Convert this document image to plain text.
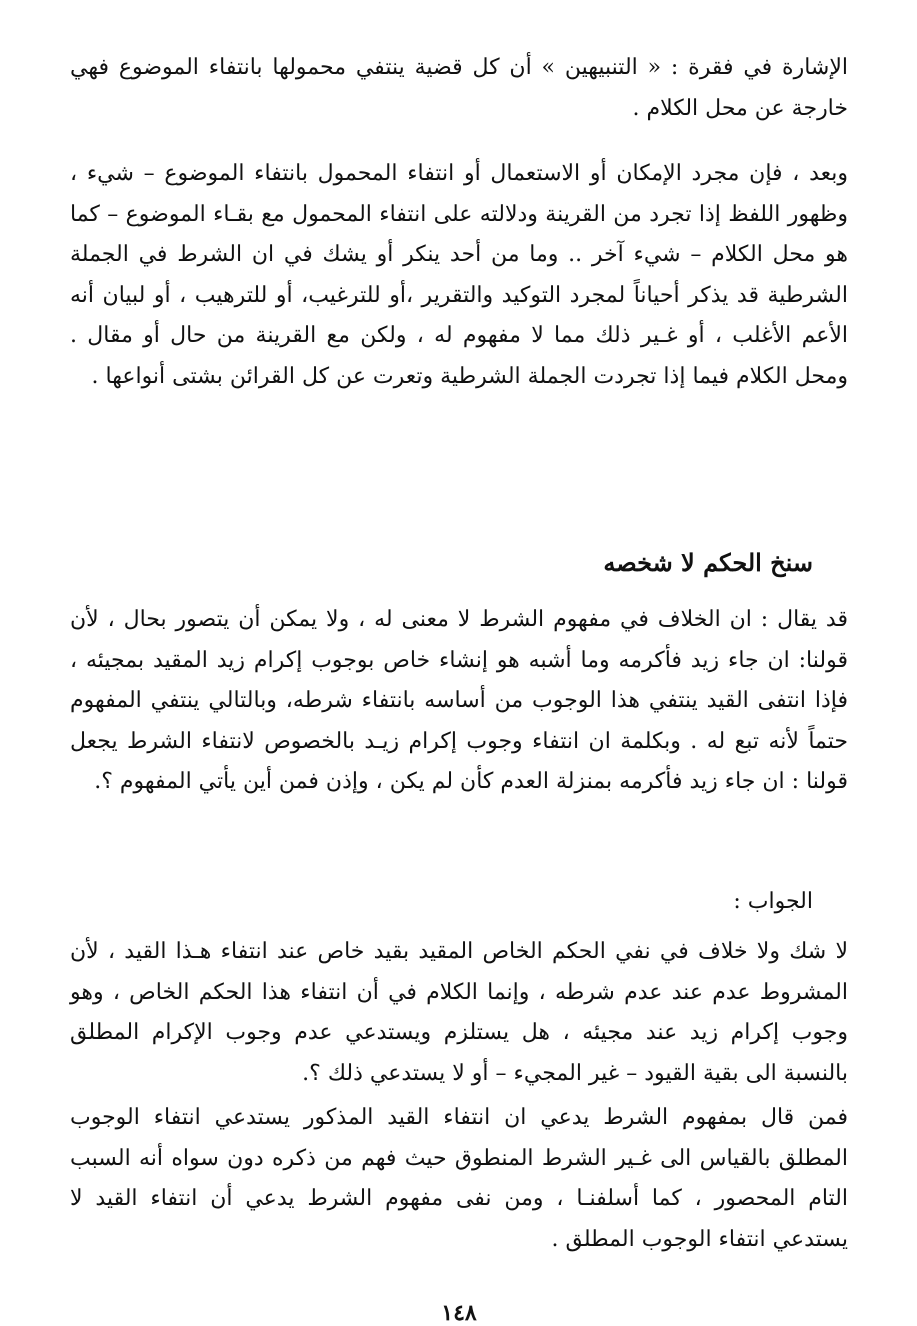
الإشارة في فقرة : « التنبيهين » أن كل قضية ينتفي محمولها بانتفاء الموضوع فهي خارجة عن محل الكلام .

وبعد ، فإن مجرد الإمكان أو الاستعمال أو انتفاء المحمول بانتفاء الموضوع – شيء ، وظهور اللفظ إذا تجرد من القرينة ودلالته على انتفاء المحمول مع بقـاء الموضوع – كما هو محل الكلام – شيء آخر .. وما من أحد ينكر أو يشك في ان الشرط في الجملة الشرطية قد يذكر أحياناً لمجرد التوكيد والتقرير ،أو للترغيب، أو للترهيب ، أو لبيان أنه الأعم الأغلب ، أو غـير ذلك مما لا مفهوم له ، ولكن مع القرينة من حال أو مقال . ومحل الكلام فيما إذا تجردت الجملة الشرطية وتعرت عن كل القرائن بشتى أنواعها .

سنخ الحكم لا شخصه

قد يقال : ان الخلاف في مفهوم الشرط لا معنى له ، ولا يمكن أن يتصور بحال ، لأن قولنا: ان جاء زيد فأكرمه وما أشبه هو إنشاء خاص بوجوب إكرام زيد المقيد بمجيئه ، فإذا انتفى القيد ينتفي هذا الوجوب من أساسه بانتفاء شرطه، وبالتالي ينتفي المفهوم حتماً لأنه تبع له . وبكلمة ان انتفاء وجوب إكرام زيـد بالخصوص لانتفاء الشرط يجعل قولنا : ان جاء زيد فأكرمه بمنزلة العدم كأن لم يكن ، وإذن فمن أين يأتي المفهوم ؟.

الجواب :

لا شك ولا خلاف في نفي الحكم الخاص المقيد بقيد خاص عند انتفاء هـذا القيد ، لأن المشروط عدم عند عدم شرطه ، وإنما الكلام في أن انتفاء هذا الحكم الخاص ، وهو وجوب إكرام زيد عند مجيئه ، هل يستلزم ويستدعي عدم وجوب الإكرام المطلق بالنسبة الى بقية القيود – غير المجيء – أو لا يستدعي ذلك ؟.

فمن قال بمفهوم الشرط يدعي ان انتفاء القيد المذكور يستدعي انتفاء الوجوب المطلق بالقياس الى غـير الشرط المنطوق حيث فهم من ذكره دون سواه أنه السبب التام المحصور ، كما أسلفنـا ، ومن نفى مفهوم الشرط يدعي أن انتفاء القيد لا يستدعي انتفاء الوجوب المطلق .

١٤٨
